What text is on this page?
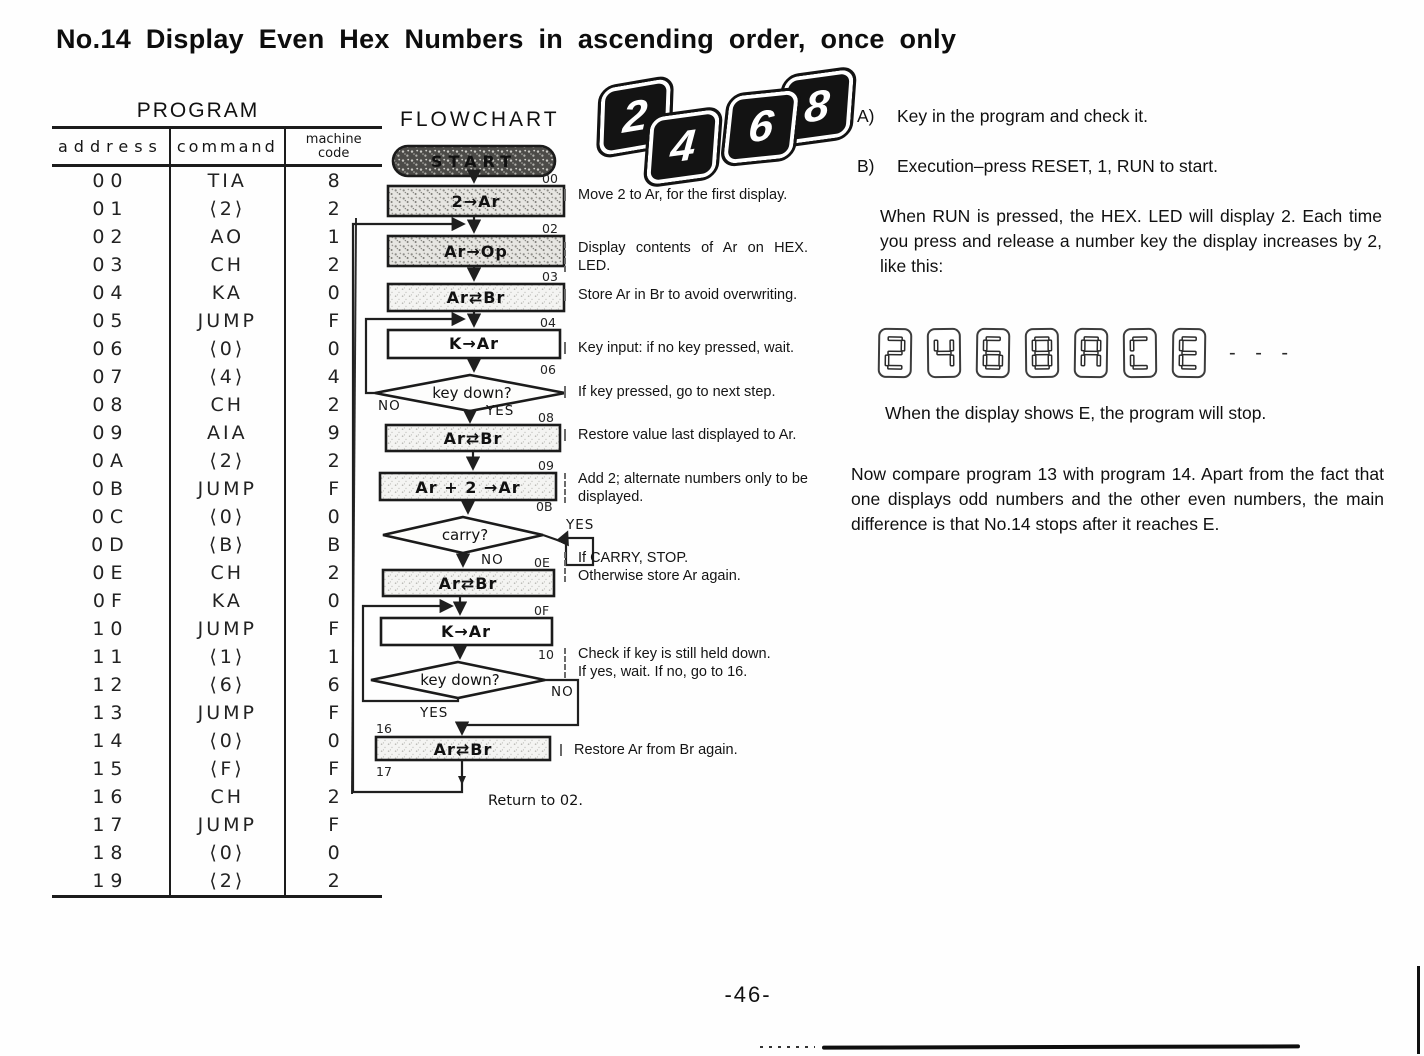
No.14 Display Even Hex Numbers in ascending order, once only
PROGRAM
address	command	machine
code

00	TIA	8
01	⟨2⟩	2
02	AO	1
03	CH	2
04	KA	0
05	JUMP	F
06	⟨0⟩	0
07	⟨4⟩	4
08	CH	2
09	AIA	9
0A	⟨2⟩	2
0B	JUMP	F
0C	⟨0⟩	0
0D	⟨B⟩	B
0E	CH	2
0F	KA	0
10	JUMP	F
11	⟨1⟩	1
12	⟨6⟩	6
13	JUMP	F
14	⟨0⟩	0
15	⟨F⟩	F
16	CH	2
17	JUMP	F
18	⟨0⟩	0
19	⟨2⟩	2
FLOWCHART
START
2→Ar
00
Ar→Op
02
Ar⇄Br
03
K→Ar
04
key down?
06
NO	YES
Ar⇄Br
08
Ar + 2 →Ar
09
carry?
0B
YES
NO
Ar⇄Br
0E
K→Ar
0F
key down?
10
YES
NO
Ar⇄Br
16
17
Return to 02.
Move 2 to Ar, for the first display.
Display contents of Ar on HEX. LED.
Store Ar in Br to avoid overwriting.
Key input: if no key pressed, wait.
If key pressed, go to next step.
Restore value last displayed to Ar.
Add 2; alternate numbers only to be displayed.
If CARRY, STOP.
Otherwise store Ar again.
Check if key is still held down.
If yes, wait. If no, go to 16.
Restore Ar from Br again.
2
4	6 8	A) Key in the program and check it.
B) Execution–press RESET, 1, RUN to start.
When RUN is pressed, the HEX. LED will display 2. Each time you press and release a number key the display increases by 2, like this:
- - -
When the display shows E, the program will stop.
Now compare program 13 with program 14. Apart from the fact that one displays odd numbers and the other even numbers, the main difference is that No.14 stops after it reaches E.
-46-
